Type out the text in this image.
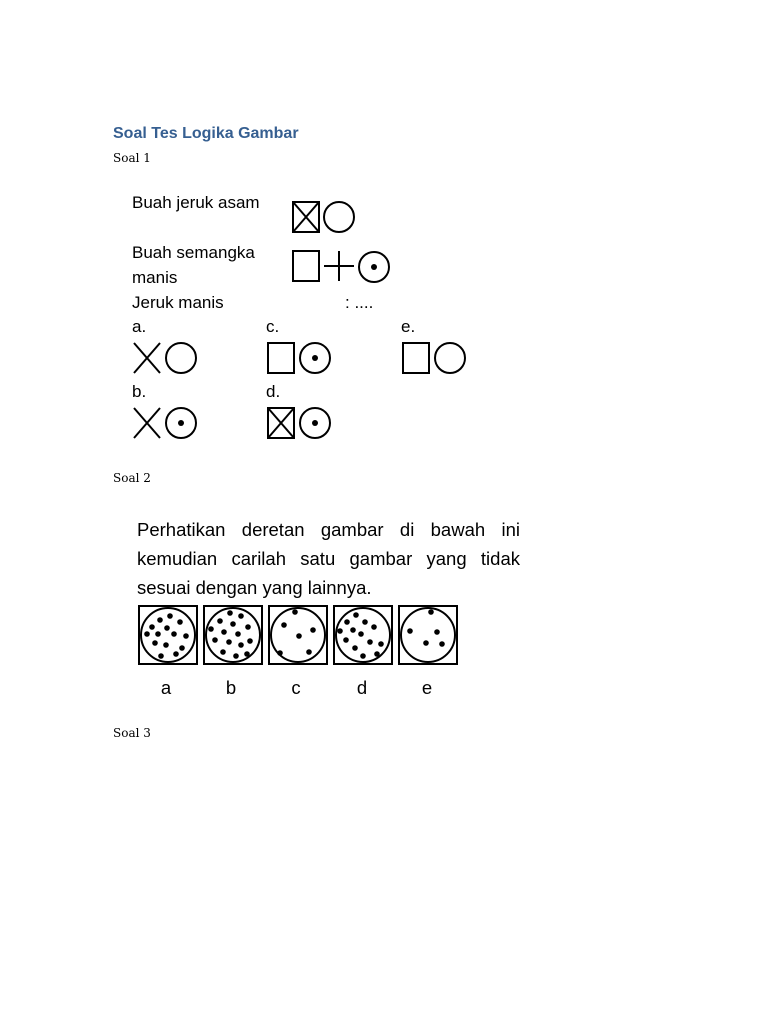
Soal Tes Logika Gambar
Soal 1
Soal 2
Soal 3
Buah jeruk asam
Buah semangka
manis
Jeruk manis	: ....
a.
b.
c.
d.
e.
Perhatikan deretan gambar di bawah ini
kemudian carilah satu gambar yang tidak
sesuai dengan yang lainnya.
a	b	c	d	e
